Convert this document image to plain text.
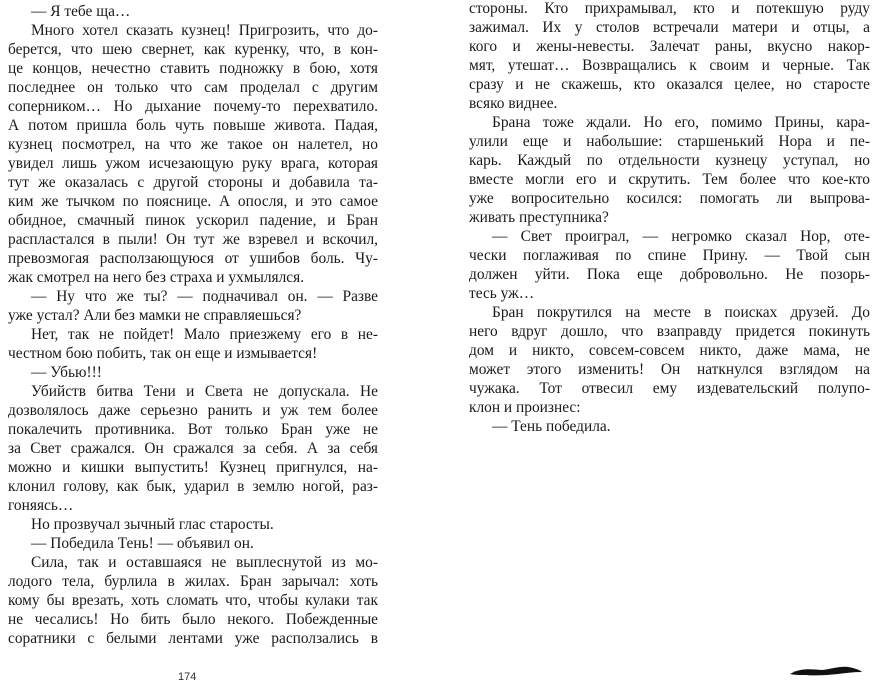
— Я тебе ща…
Много хотел сказать кузнец! Пригрозить, что до-
берется, что шею свернет, как куренку, что, в кон-
це концов, нечестно ставить подножку в бою, хотя
последнее он только что сам проделал с другим
соперником… Но дыхание почему-то перехватило.
А потом пришла боль чуть повыше живота. Падая,
кузнец посмотрел, на что же такое он налетел, но
увидел лишь ужом исчезающую руку врага, которая
тут же оказалась с другой стороны и добавила та-
ким же тычком по пояснице. А опосля, и это самое
обидное, смачный пинок ускорил падение, и Бран
распластался в пыли! Он тут же взревел и вскочил,
превозмогая расползающуюся от ушибов боль. Чу-
жак смотрел на него без страха и ухмылялся.
— Ну что же ты? — подначивал он. — Разве
уже устал? Али без мамки не справляешься?
Нет, так не пойдет! Мало приезжему его в не-
честном бою побить, так он еще и измывается!
— Убью!!!
Убийств битва Тени и Света не допускала. Не
дозволялось даже серьезно ранить и уж тем более
покалечить противника. Вот только Бран уже не
за Свет сражался. Он сражался за себя. А за себя
можно и кишки выпустить! Кузнец пригнулся, на-
клонил голову, как бык, ударил в землю ногой, раз-
гоняясь…
Но прозвучал зычный глас старосты.
— Победила Тень! — объявил он.
Сила, так и оставшаяся не выплеснутой из мо-
лодого тела, бурлила в жилах. Бран зарычал: хоть
кому бы врезать, хоть сломать что, чтобы кулаки так
не чесались! Но бить было некого. Побежденные
соратники с белыми лентами уже расползались в
стороны. Кто прихрамывал, кто и потекшую руду
зажимал. Их у столов встречали матери и отцы, а
кого и жены-невесты. Залечат раны, вкусно накор-
мят, утешат… Возвращались к своим и черные. Так
сразу и не скажешь, кто оказался целее, но старосте
всяко виднее.
Брана тоже ждали. Но его, помимо Прины, кара-
улили еще и набольшие: старшенький Нора и пе-
карь. Каждый по отдельности кузнецу уступал, но
вместе могли его и скрутить. Тем более что кое-кто
уже вопросительно косился: помогать ли выпрова-
живать преступника?
— Свет проиграл, — негромко сказал Нор, оте-
чески поглаживая по спине Прину. — Твой сын
должен уйти. Пока еще добровольно. Не позорь-
тесь уж…
Бран покрутился на месте в поисках друзей. До
него вдруг дошло, что взаправду придется покинуть
дом и никто, совсем-совсем никто, даже мама, не
может этого изменить! Он наткнулся взглядом на
чужака. Тот отвесил ему издевательский полупо-
клон и произнес:
— Тень победила.
174
